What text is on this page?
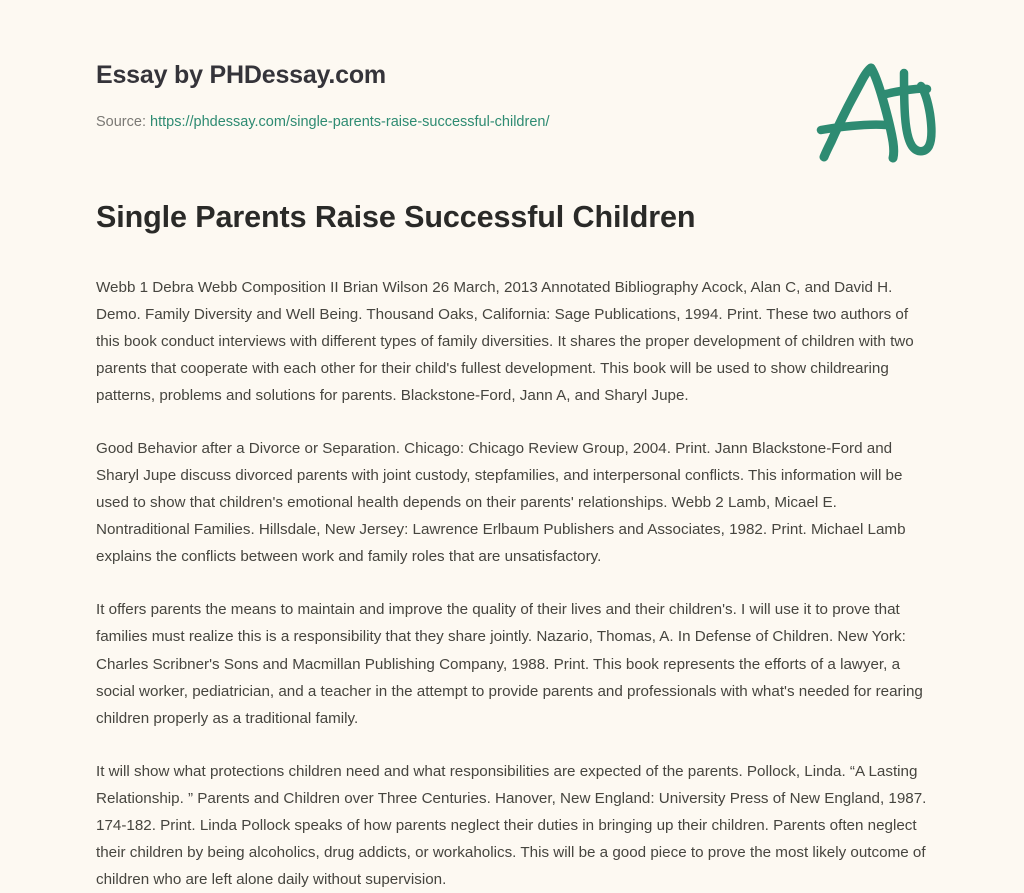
Essay by PHDessay.com

Source: https://phdessay.com/single-parents-raise-successful-children/

Single Parents Raise Successful Children

Webb 1 Debra Webb Composition II Brian Wilson 26 March, 2013 Annotated Bibliography Acock, Alan C, and David H. Demo. Family Diversity and Well Being. Thousand Oaks, California: Sage Publications, 1994. Print. These two authors of this book conduct interviews with different types of family diversities. It shares the proper development of children with two parents that cooperate with each other for their child's fullest development. This book will be used to show childrearing patterns, problems and solutions for parents. Blackstone-Ford, Jann A, and Sharyl Jupe.

Good Behavior after a Divorce or Separation. Chicago: Chicago Review Group, 2004. Print. Jann Blackstone-Ford and Sharyl Jupe discuss divorced parents with joint custody, stepfamilies, and interpersonal conflicts. This information will be used to show that children's emotional health depends on their parents' relationships. Webb 2 Lamb, Micael E. Nontraditional Families. Hillsdale, New Jersey: Lawrence Erlbaum Publishers and Associates, 1982. Print. Michael Lamb explains the conflicts between work and family roles that are unsatisfactory.

It offers parents the means to maintain and improve the quality of their lives and their children's. I will use it to prove that families must realize this is a responsibility that they share jointly. Nazario, Thomas, A. In Defense of Children. New York: Charles Scribner's Sons and Macmillan Publishing Company, 1988. Print. This book represents the efforts of a lawyer, a social worker, pediatrician, and a teacher in the attempt to provide parents and professionals with what's needed for rearing children properly as a traditional family.

It will show what protections children need and what responsibilities are expected of the parents. Pollock, Linda. “A Lasting Relationship. ” Parents and Children over Three Centuries. Hanover, New England: University Press of New England, 1987. 174-182. Print. Linda Pollock speaks of how parents neglect their duties in bringing up their children. Parents often neglect their children by being alcoholics, drug addicts, or workaholics. This will be a good piece to prove the most likely outcome of children who are left alone daily without supervision.
